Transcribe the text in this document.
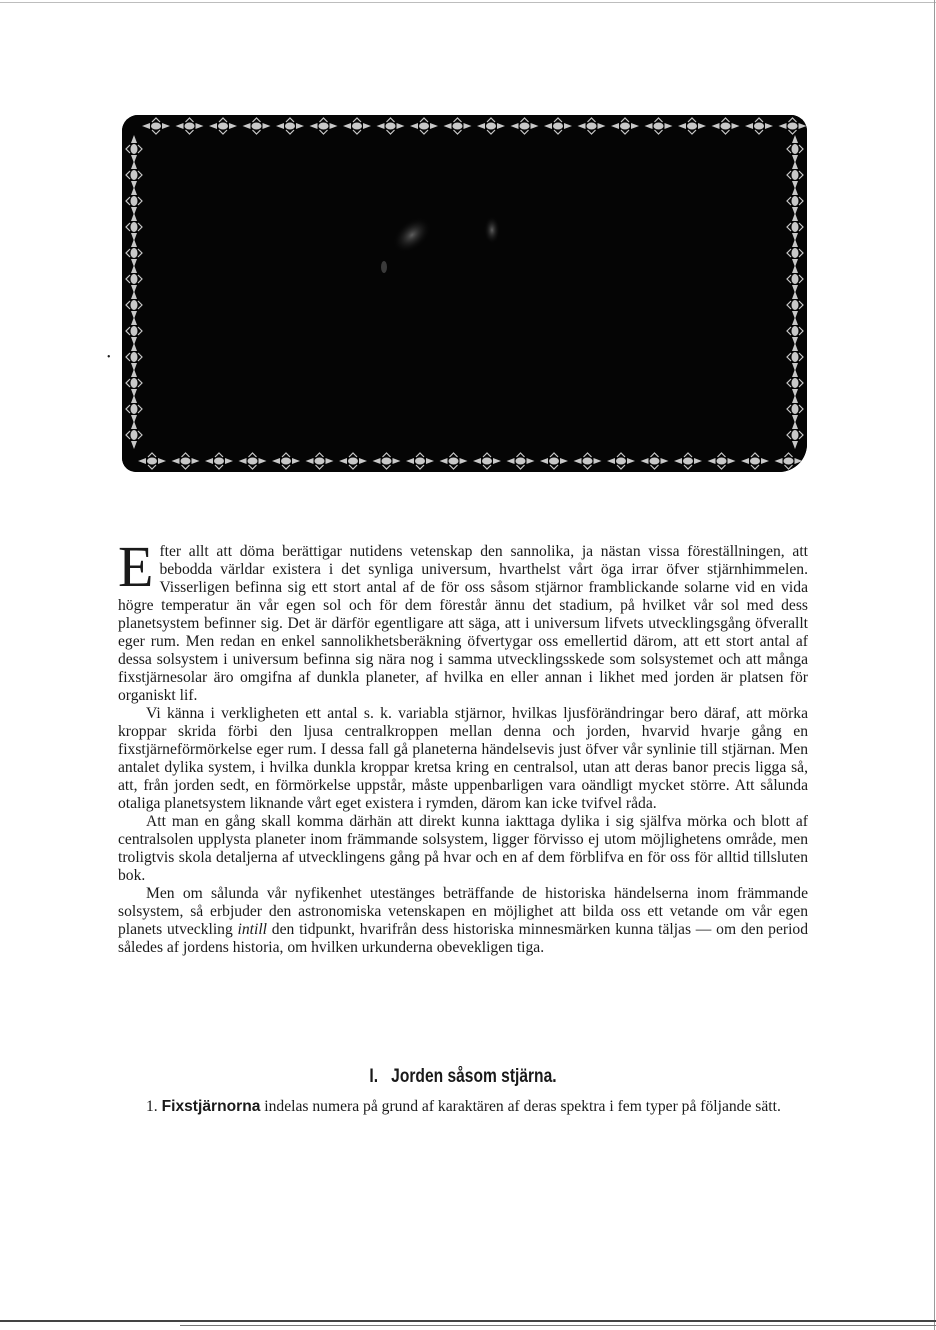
•

Efter allt att döma berättigar nutidens vetenskap den sannolika, ja nästan vissa föreställningen, att bebodda världar existera i det synliga universum, hvarthelst vårt öga irrar öfver stjärnhimmelen. Visserligen befinna sig ett stort antal af de för oss såsom stjärnor framblickande solarne vid en vida högre temperatur än vår egen sol och för dem förestår ännu det stadium, på hvilket vår sol med dess planetsystem befinner sig. Det är därför egentligare att säga, att i universum lifvets utvecklingsgång öfverallt eger rum. Men redan en enkel sannolikhetsberäkning öfvertygar oss emellertid därom, att ett stort antal af dessa solsystem i universum befinna sig nära nog i samma utvecklingsskede som solsystemet och att många fixstjärnesolar äro omgifna af dunkla planeter, af hvilka en eller annan i likhet med jorden är platsen för organiskt lif.

Vi känna i verkligheten ett antal s. k. variabla stjärnor, hvilkas ljusförändringar bero däraf, att mörka kroppar skrida förbi den ljusa centralkroppen mellan denna och jorden, hvarvid hvarje gång en fixstjärneförmörkelse eger rum. I dessa fall gå planeterna händelsevis just öfver vår synlinie till stjärnan. Men antalet dylika system, i hvilka dunkla kroppar kretsa kring en centralsol, utan att deras banor precis ligga så, att, från jorden sedt, en förmörkelse uppstår, måste uppenbarligen vara oändligt mycket större. Att sålunda otaliga planetsystem liknande vårt eget existera i rymden, därom kan icke tvifvel råda.

Att man en gång skall komma därhän att direkt kunna iakttaga dylika i sig själfva mörka och blott af centralsolen upplysta planeter inom främmande solsystem, ligger förvisso ej utom möjlighetens område, men troligtvis skola detaljerna af utvecklingens gång på hvar och en af dem förblifva en för oss för alltid tillsluten bok.

Men om sålunda vår nyfikenhet utestänges beträffande de historiska händelserna inom främmande solsystem, så erbjuder den astronomiska vetenskapen en möjlighet att bilda oss ett vetande om vår egen planets utveckling intill den tidpunkt, hvarifrån dess historiska minnesmärken kunna täljas — om den period således af jordens historia, om hvilken urkunderna obevekligen tiga.

I. Jorden såsom stjärna.

1. Fixstjärnorna indelas numera på grund af karaktären af deras spektra i fem typer på följande sätt.
